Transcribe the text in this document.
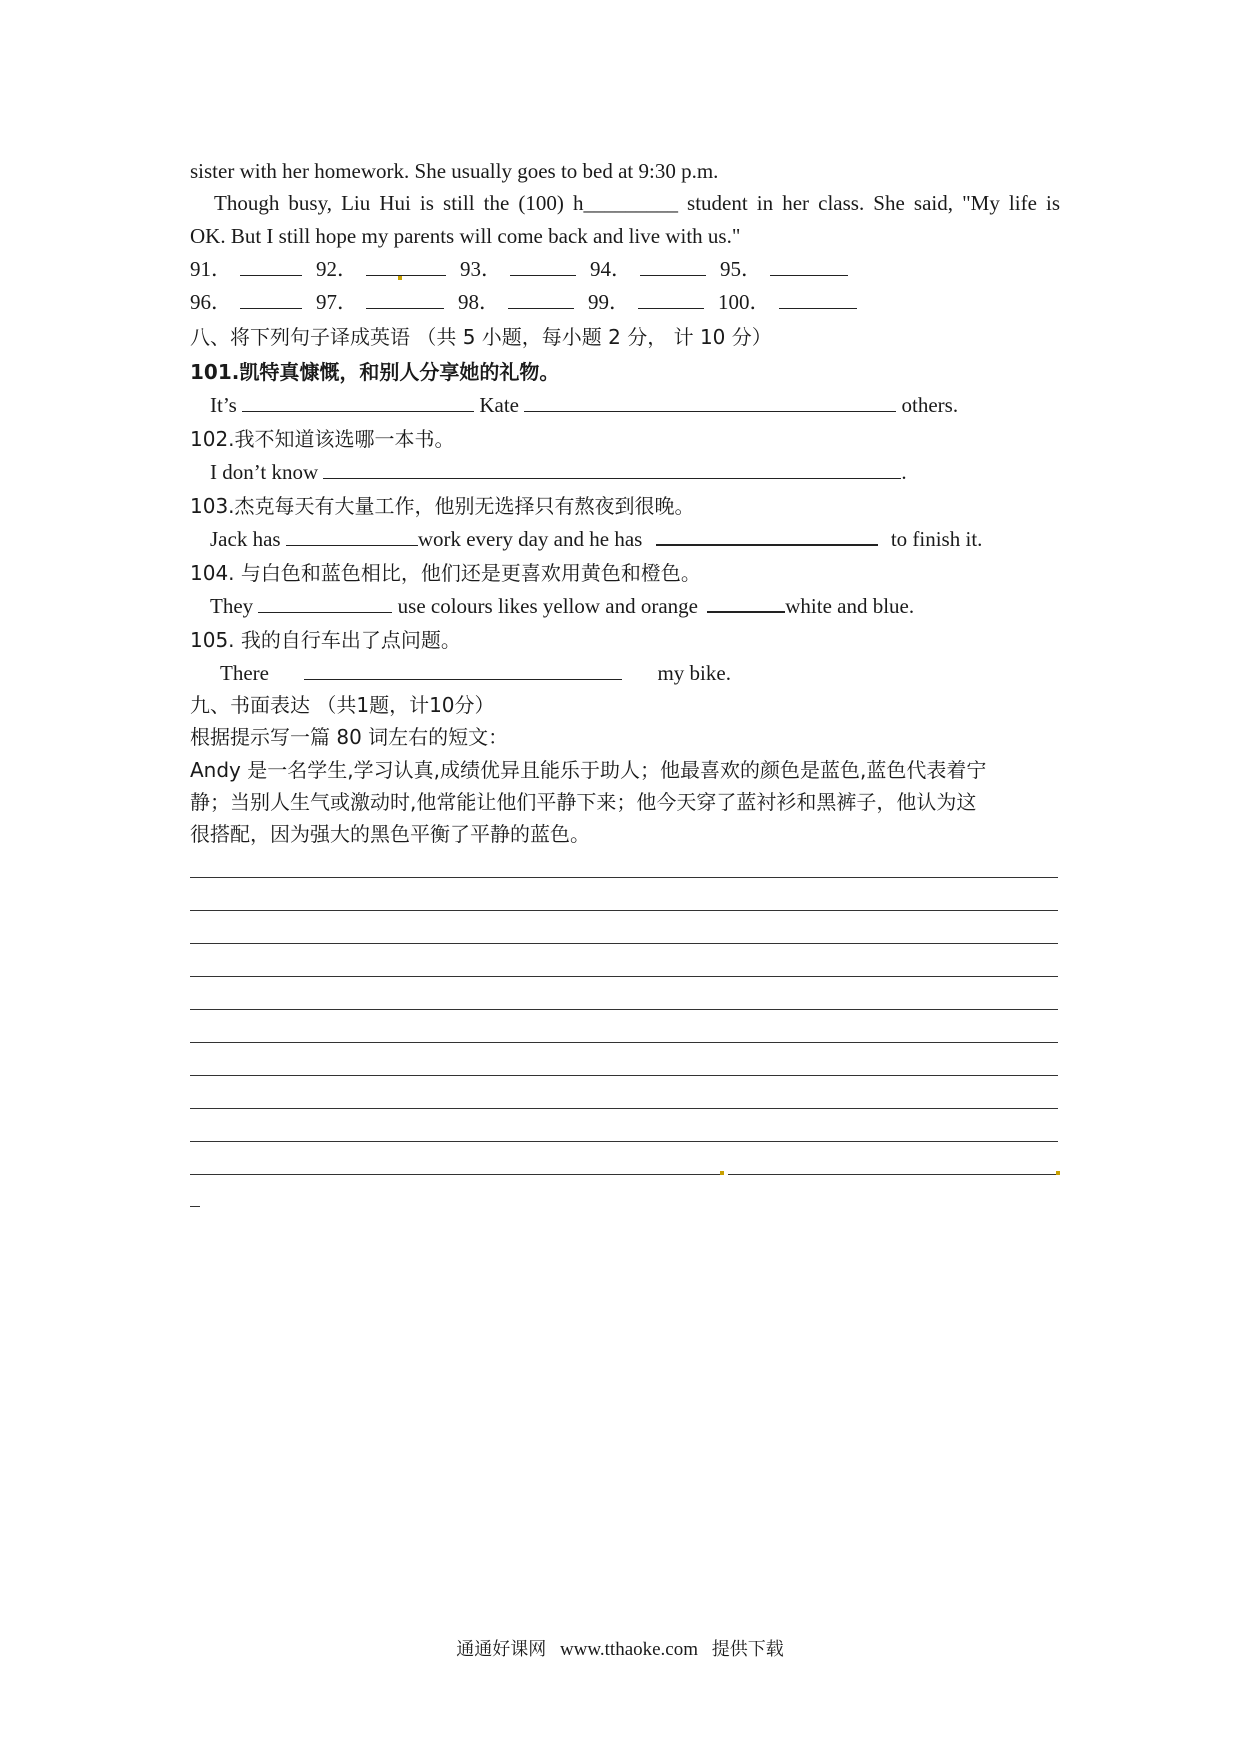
sister with her homework. She usually goes to bed at 9:30 p.m.
Though busy, Liu Hui is still the (100) h_________ student in her class. She said, "My life is
OK. But I still hope my parents will come back and live with us."
91．	92．	93．	94．	95．
96．	97．	98．	99．	100．
八、将下列句子译成英语 （共 5 小题，每小题 2 分， 计 10 分）
101.凯特真慷慨，和别人分享她的礼物。
It’s	Kate	others.
102.我不知道该选哪一本书。
I don’t know	.
103.杰克每天有大量工作，他别无选择只有熬夜到很晚。
Jack has	work every day and he has	to finish it.
104. 与白色和蓝色相比，他们还是更喜欢用黄色和橙色。
They	use colours likes yellow and orange	white and blue.
105. 我的自行车出了点问题。
There	my bike.
九、书面表达 （共1题，计10分）
根据提示写一篇 80 词左右的短文：
Andy 是一名学生,学习认真,成绩优异且能乐于助人；他最喜欢的颜色是蓝色,蓝色代表着宁
静；当别人生气或激动时,他常能让他们平静下来；他今天穿了蓝衬衫和黑裤子，他认为这
很搭配，因为强大的黑色平衡了平静的蓝色。
通通好课网 www.tthaoke.com 提供下载
